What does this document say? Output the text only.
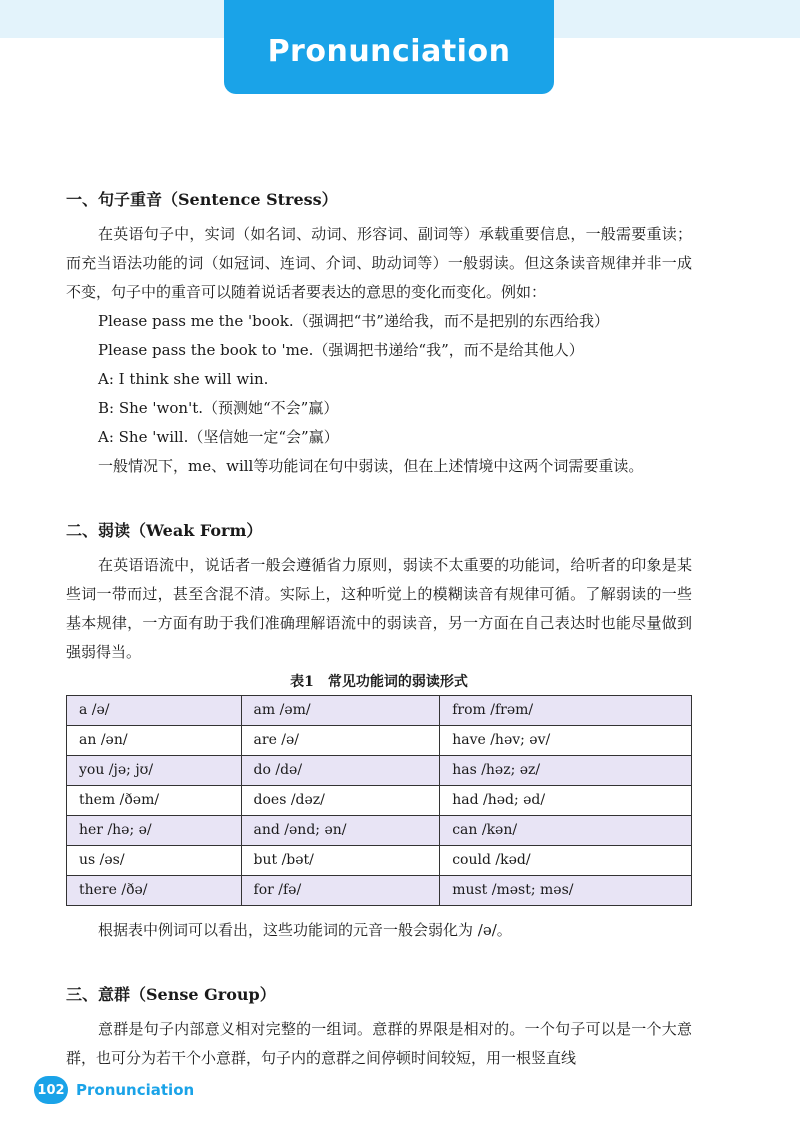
Pronunciation
一、句子重音（Sentence Stress）

在英语句子中，实词（如名词、动词、形容词、副词等）承载重要信息，一般需要重读；而充当语法功能的词（如冠词、连词、介词、助动词等）一般弱读。但这条读音规律并非一成不变，句子中的重音可以随着说话者要表达的意思的变化而变化。例如：

Please pass me the 'book.（强调把“书”递给我，而不是把别的东西给我）
Please pass the book to 'me.（强调把书递给“我”，而不是给其他人）
A: I think she will win.
B: She 'won't.（预测她“不会”赢）
A: She 'will.（坚信她一定“会”赢）
一般情况下，me、will等功能词在句中弱读，但在上述情境中这两个词需要重读。
二、弱读（Weak Form）

在英语语流中，说话者一般会遵循省力原则，弱读不太重要的功能词，给听者的印象是某些词一带而过，甚至含混不清。实际上，这种听觉上的模糊读音有规律可循。了解弱读的一些基本规律，一方面有助于我们准确理解语流中的弱读音，另一方面在自己表达时也能尽量做到强弱得当。

表1　常见功能词的弱读形式
a /ə/	am /əm/	from /frəm/
an /ən/	are /ə/	have /həv; əv/
you /jə; jʊ/	do /də/	has /həz; əz/
them /ðəm/	does /dəz/	had /həd; əd/
her /hə; ə/	and /ənd; ən/	can /kən/
us /əs/	but /bət/	could /kəd/
there /ðə/	for /fə/	must /məst; məs/
根据表中例词可以看出，这些功能词的元音一般会弱化为 /ə/。
三、意群（Sense Group）

意群是句子内部意义相对完整的一组词。意群的界限是相对的。一个句子可以是一个大意群，也可分为若干个小意群，句子内的意群之间停顿时间较短，用一根竖直线

102 Pronunciation
